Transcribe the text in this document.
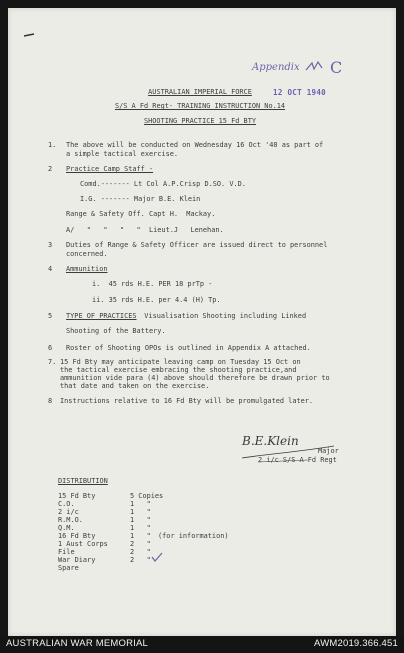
Appendix C
12 OCT 1940
AUSTRALIAN IMPERIAL FORCE
S/S A Fd Regt- TRAINING INSTRUCTION No.14
SHOOTING PRACTICE 15 Fd BTY
1. The above will be conducted on Wednesday 16 Oct '40 as part of
a simple tactical exercise.
2 Practice Camp Staff -
Comd.------- Lt Col A.P.Crisp D.SO. V.D.
I.G. ------- Major B.E. Klein
Range & Safety Off. Capt H.  Mackay.
A/   "   "   "   "  Lieut.J   Lenehan.
3 Duties of Range & Safety Officer are issued direct to personnel
concerned.
4 Ammunition
i.  45 rds H.E. PER 18 prTp -
ii. 35 rds H.E. per 4.4 (H) Tp.
5 TYPE OF PRACTICES Visualisation Shooting including Linked
Shooting of the Battery.
6 Roster of Shooting OPOs is outlined in Appendix A attached.
7. 15 Fd Bty may anticipate leaving camp on Tuesday 15 Oct on
the tactical exercise embracing the shooting practice,and
ammunition vide para (4) above should therefore be drawn prior to
that date and taken on the exercise.
8 Instructions relative to 16 Fd Bty will be promulgated later.
B.E.Klein
Major
2 i/c S/S A Fd Regt
DISTRIBUTION
15 Fd Bty	5 Copies
C.O.	1   "
2 i/c	1   "
R.M.O.	1   "
Q.M.	1   "
16 Fd Bty	1   " (for information)
1 Aust Corps	2   "
File	2   "
War Diary	2   "
Spare
AUSTRALIAN WAR MEMORIAL	AWM2019.366.451
